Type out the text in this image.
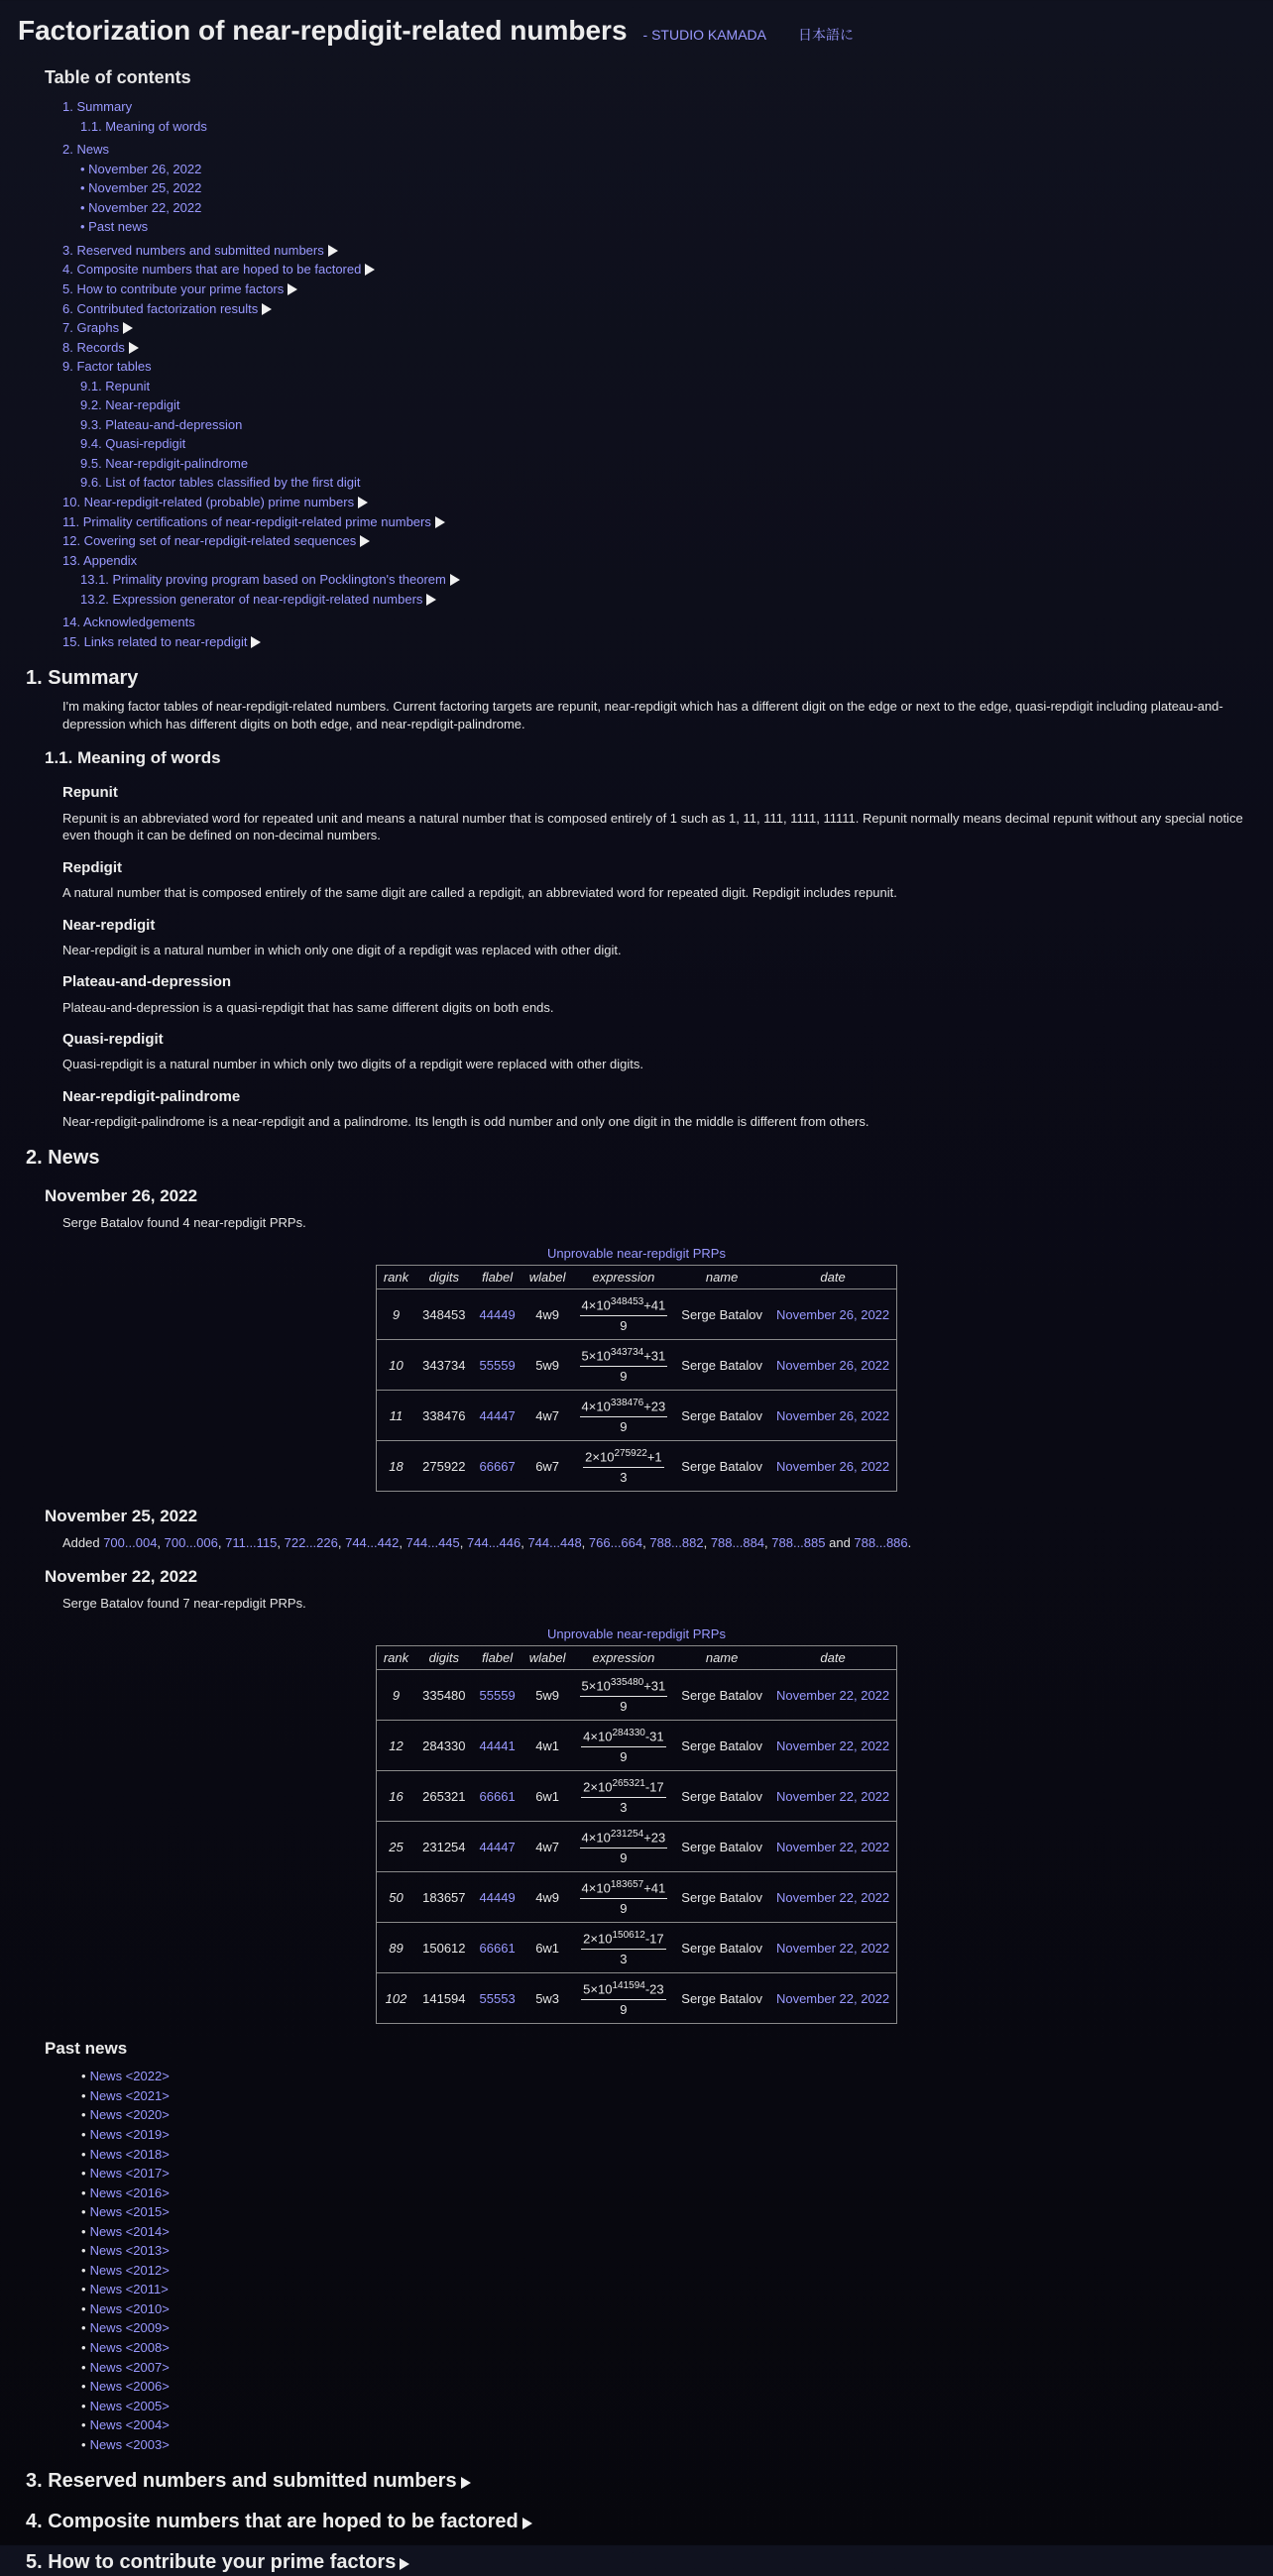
Factorization of near-repdigit-related numbers - STUDIO KAMADA 日本語に
Table of contents
1. Summary
1.1. Meaning of words
2. News
• November 26, 2022
• November 25, 2022
• November 22, 2022
• Past news
3. Reserved numbers and submitted numbers
4. Composite numbers that are hoped to be factored
5. How to contribute your prime factors
6. Contributed factorization results
7. Graphs
8. Records
9. Factor tables
9.1. Repunit
9.2. Near-repdigit
9.3. Plateau-and-depression
9.4. Quasi-repdigit
9.5. Near-repdigit-palindrome
9.6. List of factor tables classified by the first digit
10. Near-repdigit-related (probable) prime numbers
11. Primality certifications of near-repdigit-related prime numbers
12. Covering set of near-repdigit-related sequences
13. Appendix
13.1. Primality proving program based on Pocklington's theorem
13.2. Expression generator of near-repdigit-related numbers
14. Acknowledgements
15. Links related to near-repdigit
1. Summary

I'm making factor tables of near-repdigit-related numbers. Current factoring targets are repunit, near-repdigit which has a different digit on the edge or next to the edge, quasi-repdigit including plateau-and-depression which has different digits on both edge, and near-repdigit-palindrome.

1.1. Meaning of words
Repunit

Repunit is an abbreviated word for repeated unit and means a natural number that is composed entirely of 1 such as 1, 11, 111, 1111, 11111. Repunit normally means decimal repunit without any special notice even though it can be defined on non-decimal numbers.

Repdigit

A natural number that is composed entirely of the same digit are called a repdigit, an abbreviated word for repeated digit. Repdigit includes repunit.

Near-repdigit

Near-repdigit is a natural number in which only one digit of a repdigit was replaced with other digit.

Plateau-and-depression

Plateau-and-depression is a quasi-repdigit that has same different digits on both ends.

Quasi-repdigit

Quasi-repdigit is a natural number in which only two digits of a repdigit were replaced with other digits.

Near-repdigit-palindrome

Near-repdigit-palindrome is a near-repdigit and a palindrome. Its length is odd number and only one digit in the middle is different from others.

2. News
November 26, 2022

Serge Batalov found 4 near-repdigit PRPs.

Unprovable near-repdigit PRPs
rank	digits	flabel	wlabel	expression	name	date
9	348453	44449	4w9	$\frac{4\times 10^{348453}+41}{9}$	Serge Batalov	November 26, 2022
10	343734	55559	5w9	$\frac{5\times 10^{343734}+31}{9}$	Serge Batalov	November 26, 2022
11	338476	44447	4w7	$\frac{4\times 10^{338476}+23}{9}$	Serge Batalov	November 26, 2022
18	275922	66667	6w7	$\frac{2\times 10^{275922}+1}{3}$	Serge Batalov	November 26, 2022
November 25, 2022

Added 700...004, 700...006, 711...115, 722...226, 744...442, 744...445, 744...446, 744...448, 766...664, 788...882, 788...884, 788...885 and 788...886.

November 22, 2022

Serge Batalov found 7 near-repdigit PRPs.

Unprovable near-repdigit PRPs
rank	digits	flabel	wlabel	expression	name	date
9	335480	55559	5w9	$\frac{5\times 10^{335480}+31}{9}$	Serge Batalov	November 22, 2022
12	284330	44441	4w1	$\frac{4\times 10^{284330}-31}{9}$	Serge Batalov	November 22, 2022
16	265321	66661	6w1	$\frac{2\times 10^{265321}-17}{3}$	Serge Batalov	November 22, 2022
25	231254	44447	4w7	$\frac{4\times 10^{231254}+23}{9}$	Serge Batalov	November 22, 2022
50	183657	44449	4w9	$\frac{4\times 10^{183657}+41}{9}$	Serge Batalov	November 22, 2022
89	150612	66661	6w1	$\frac{2\times 10^{150612}-17}{3}$	Serge Batalov	November 22, 2022
102	141594	55553	5w3	$\frac{5\times 10^{141594}-23}{9}$	Serge Batalov	November 22, 2022
Past news
• News <2022>
• News <2021>
• News <2020>
• News <2019>
• News <2018>
• News <2017>
• News <2016>
• News <2015>
• News <2014>
• News <2013>
• News <2012>
• News <2011>
• News <2010>
• News <2009>
• News <2008>
• News <2007>
• News <2006>
• News <2005>
• News <2004>
• News <2003>
3. Reserved numbers and submitted numbers
4. Composite numbers that are hoped to be factored
5. How to contribute your prime factors
